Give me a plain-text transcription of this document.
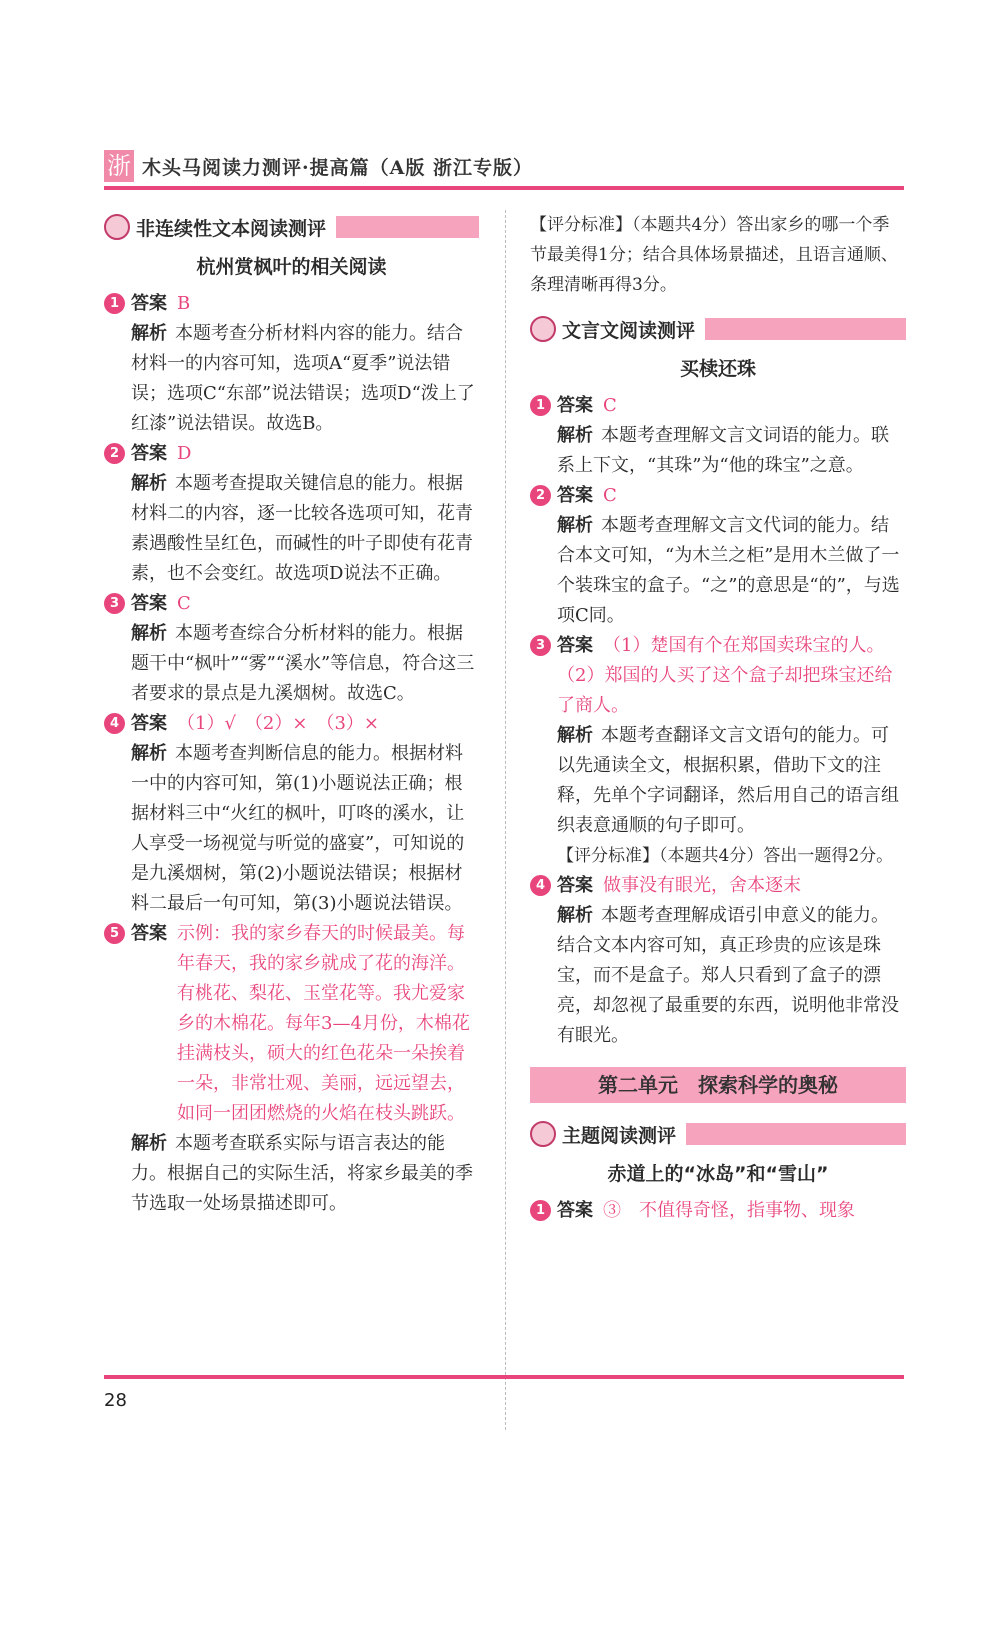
浙 木头马阅读力测评·提高篇（A版 浙江专版）
非连续性文本阅读测评
杭州赏枫叶的相关阅读
1 答案 B
解析 本题考查分析材料内容的能力。结合材料一的内容可知，选项A“夏季”说法错误；选项C“东部”说法错误；选项D“泼上了红漆”说法错误。故选B。
2 答案 D
解析 本题考查提取关键信息的能力。根据材料二的内容，逐一比较各选项可知，花青素遇酸性呈红色，而碱性的叶子即使有花青素，也不会变红。故选项D说法不正确。
3 答案 C
解析 本题考查综合分析材料的能力。根据题干中“枫叶”“雾”“溪水”等信息，符合这三者要求的景点是九溪烟树。故选C。
4 答案 （1）√　（2）×　（3）×
解析 本题考查判断信息的能力。根据材料一中的内容可知，第(1)小题说法正确；根据材料三中“火红的枫叶，叮咚的溪水，让人享受一场视觉与听觉的盛宴”，可知说的是九溪烟树，第(2)小题说法错误；根据材料二最后一句可知，第(3)小题说法错误。
5 答案 示例：我的家乡春天的时候最美。每年春天，我的家乡就成了花的海洋。有桃花、梨花、玉堂花等。我尤爱家乡的木棉花。每年3—4月份，木棉花挂满枝头，硕大的红色花朵一朵挨着一朵，非常壮观、美丽，远远望去，如同一团团燃烧的火焰在枝头跳跃。
解析 本题考查联系实际与语言表达的能力。根据自己的实际生活，将家乡最美的季节选取一处场景描述即可。
【评分标准】（本题共4分）答出家乡的哪一个季节最美得1分；结合具体场景描述，且语言通顺、条理清晰再得3分。
文言文阅读测评
买椟还珠
1 答案 C
解析 本题考查理解文言文词语的能力。联系上下文，“其珠”为“他的珠宝”之意。
2 答案 C
解析 本题考查理解文言文代词的能力。结合本文可知，“为木兰之柜”是用木兰做了一个装珠宝的盒子。“之”的意思是“的”，与选项C同。
3 答案 （1）楚国有个在郑国卖珠宝的人。
（2）郑国的人买了这个盒子却把珠宝还给了商人。
解析 本题考查翻译文言文语句的能力。可以先通读全文，根据积累，借助下文的注释，先单个字词翻译，然后用自己的语言组织表意通顺的句子即可。
【评分标准】（本题共4分）答出一题得2分。
4 答案 做事没有眼光，舍本逐末
解析 本题考查理解成语引申意义的能力。结合文本内容可知，真正珍贵的应该是珠宝，而不是盒子。郑人只看到了盒子的漂亮，却忽视了最重要的东西，说明他非常没有眼光。
第二单元　探索科学的奥秘
主题阅读测评
赤道上的“冰岛”和“雪山”
1 答案 ③　不值得奇怪，指事物、现象
28
